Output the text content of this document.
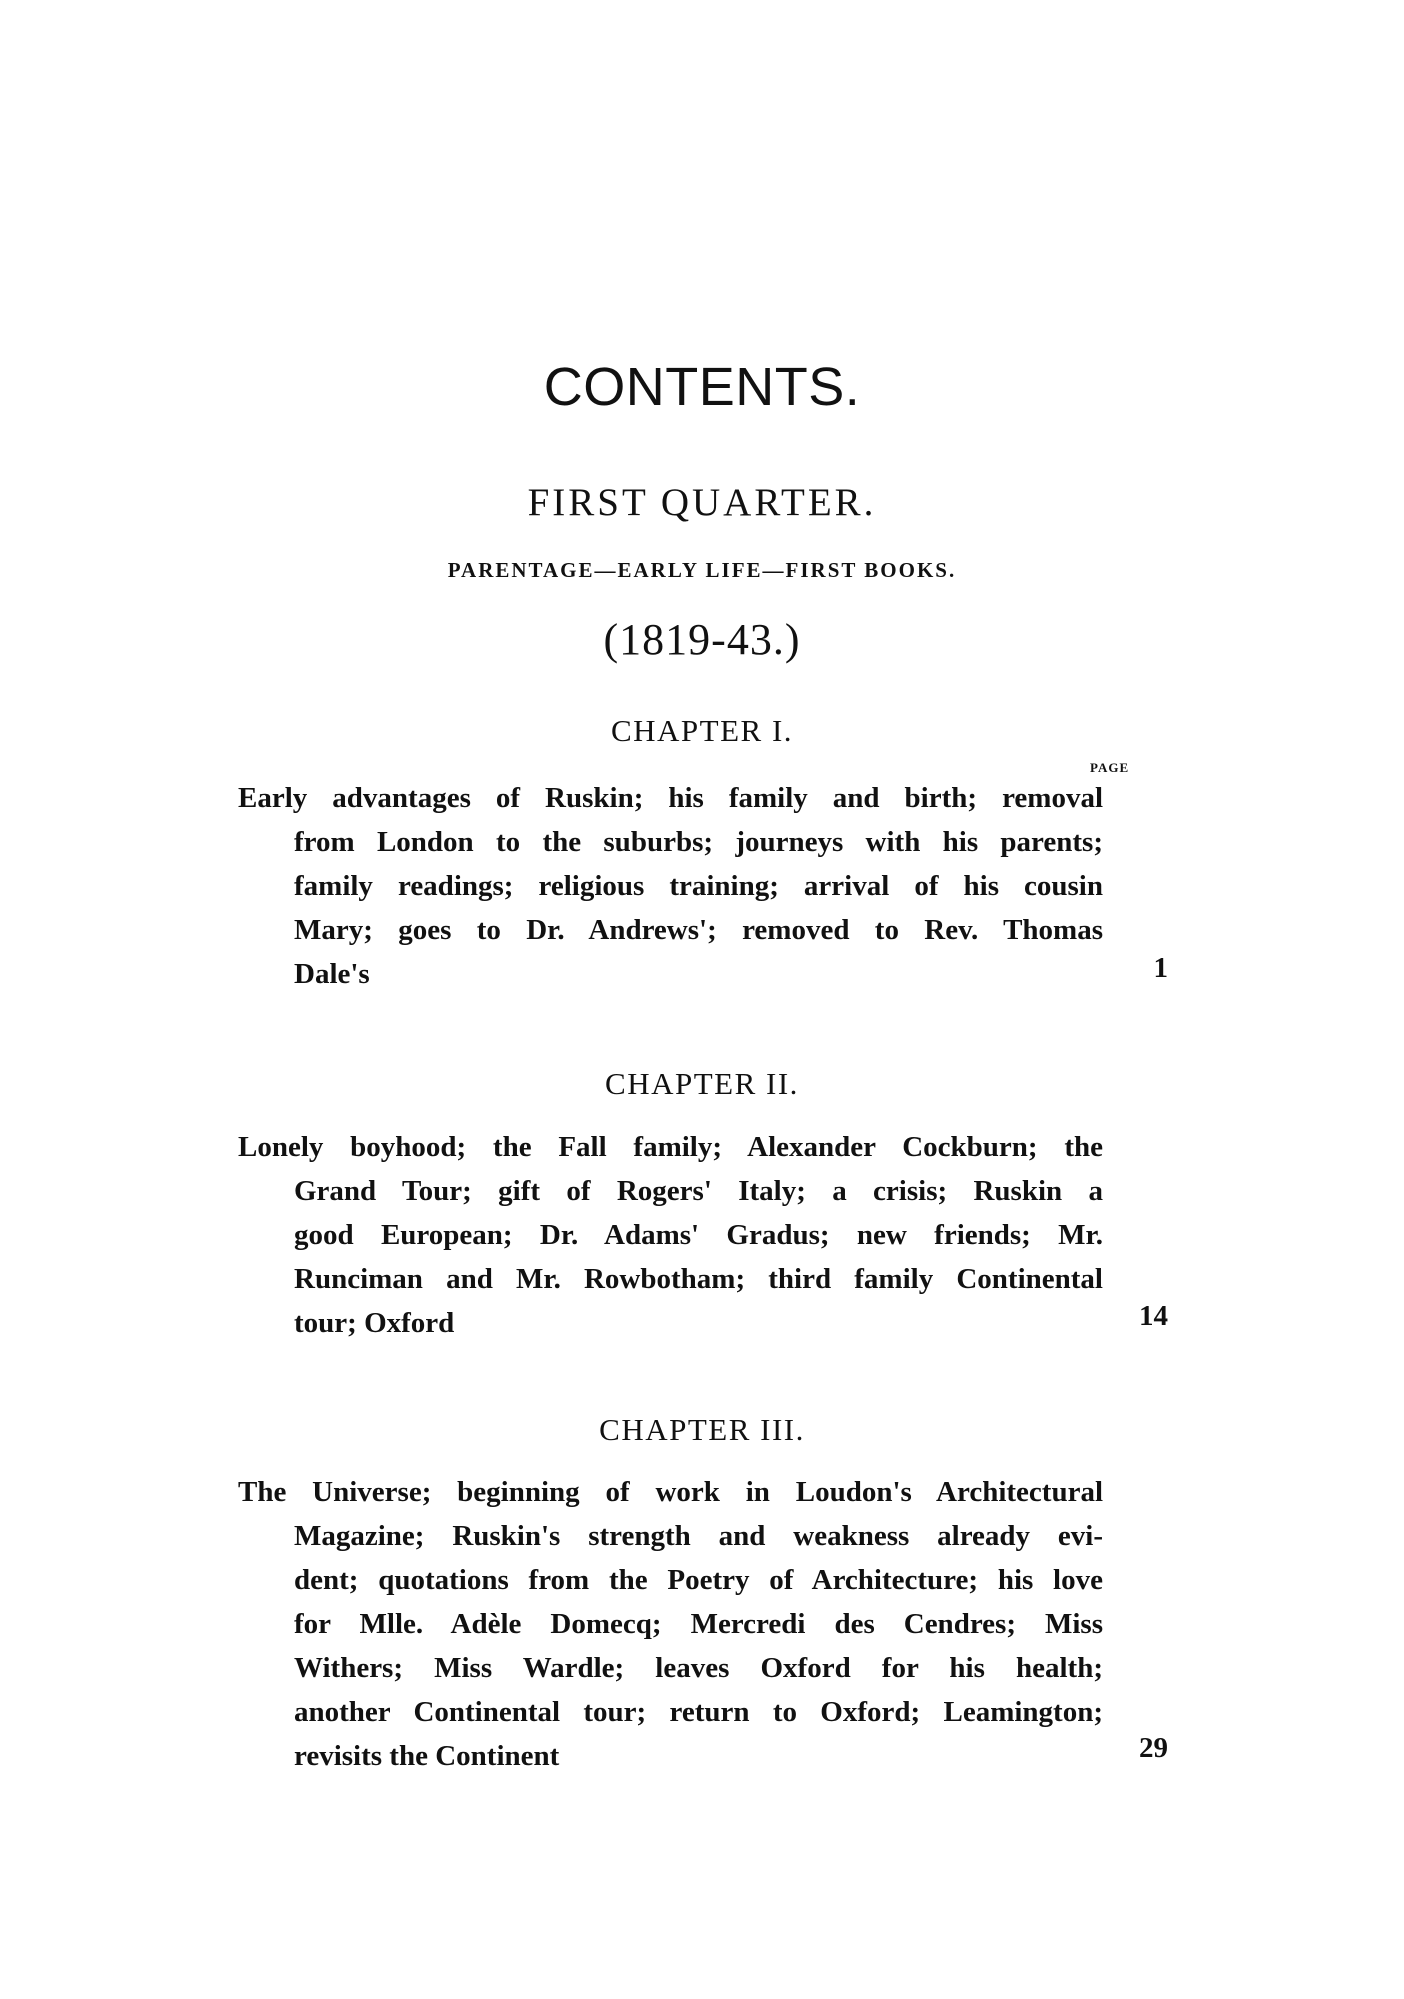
CONTENTS.
FIRST QUARTER.
PARENTAGE—EARLY LIFE—FIRST BOOKS.
(1819-43.)
CHAPTER I.
PAGE
Early advantages of Ruskin; his family and birth; removal
from London to the suburbs; journeys with his parents;
family readings; religious training; arrival of his cousin
Mary; goes to Dr. Andrews'; removed to Rev. Thomas
Dale's	1
CHAPTER II.
Lonely boyhood; the Fall family; Alexander Cockburn; the
Grand Tour; gift of Rogers' Italy; a crisis; Ruskin a
good European; Dr. Adams' Gradus; new friends; Mr.
Runciman and Mr. Rowbotham; third family Continental
tour; Oxford	14
CHAPTER III.
The Universe; beginning of work in Loudon's Architectural
Magazine; Ruskin's strength and weakness already evi-
dent; quotations from the Poetry of Architecture; his love
for Mlle. Adèle Domecq; Mercredi des Cendres; Miss
Withers; Miss Wardle; leaves Oxford for his health;
another Continental tour; return to Oxford; Leamington;
revisits the Continent	29
